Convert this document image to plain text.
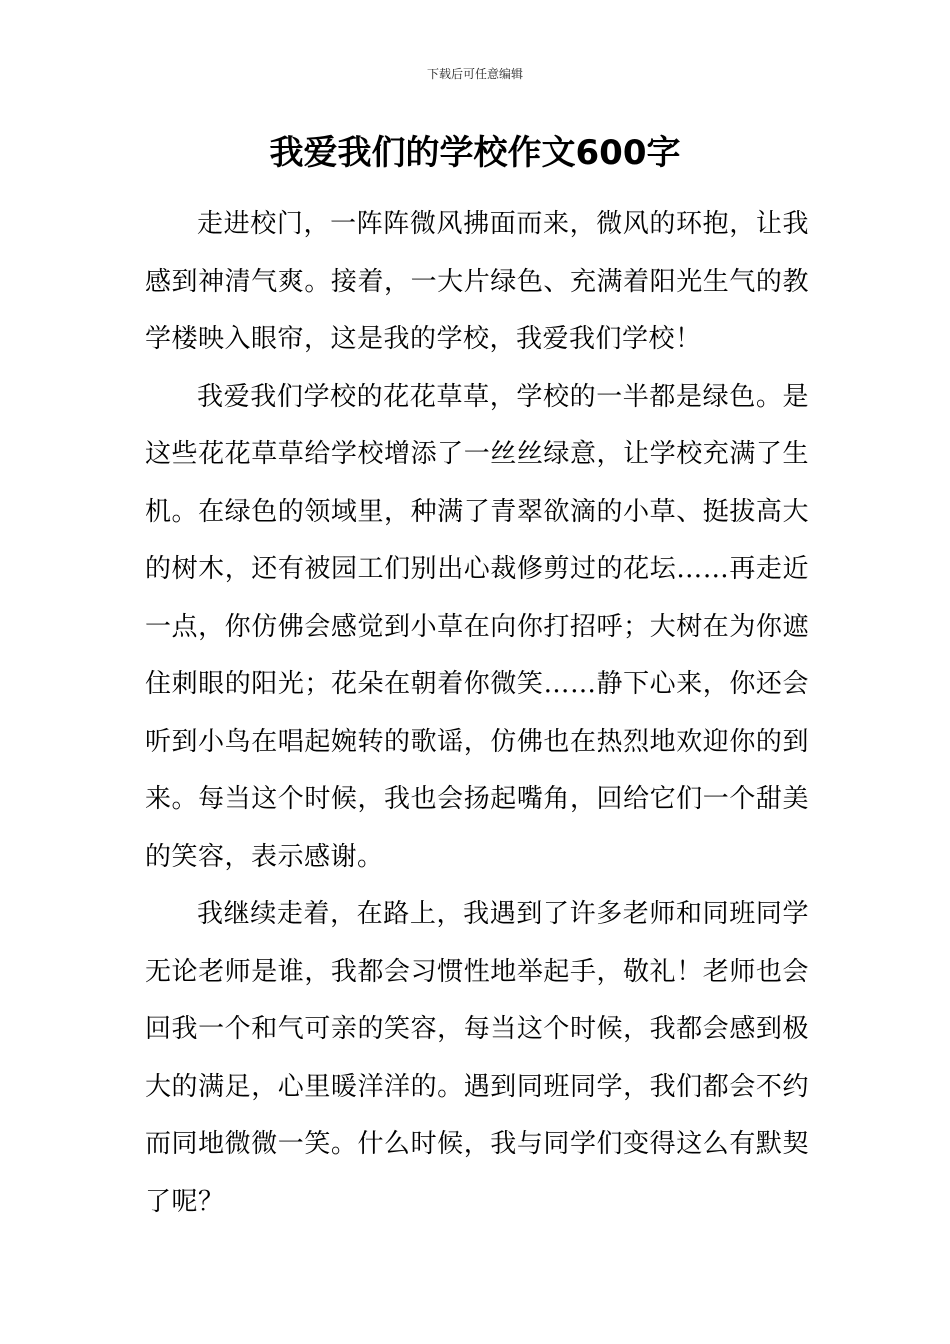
下载后可任意编辑
我爱我们的学校作文600字

走进校门，一阵阵微风拂面而来，微风的环抱，让我感到神清气爽。接着，一大片绿色、充满着阳光生气的教学楼映入眼帘，这是我的学校，我爱我们学校！

我爱我们学校的花花草草，学校的一半都是绿色。是这些花花草草给学校增添了一丝丝绿意，让学校充满了生机。在绿色的领域里，种满了青翠欲滴的小草、挺拔高大的树木，还有被园工们别出心裁修剪过的花坛……再走近一点，你仿佛会感觉到小草在向你打招呼；大树在为你遮住刺眼的阳光；花朵在朝着你微笑……静下心来，你还会听到小鸟在唱起婉转的歌谣，仿佛也在热烈地欢迎你的到来。每当这个时候，我也会扬起嘴角，回给它们一个甜美的笑容，表示感谢。

我继续走着，在路上，我遇到了许多老师和同班同学无论老师是谁，我都会习惯性地举起手，敬礼！老师也会回我一个和气可亲的笑容，每当这个时候，我都会感到极大的满足，心里暖洋洋的。遇到同班同学，我们都会不约而同地微微一笑。什么时候，我与同学们变得这么有默契了呢？
